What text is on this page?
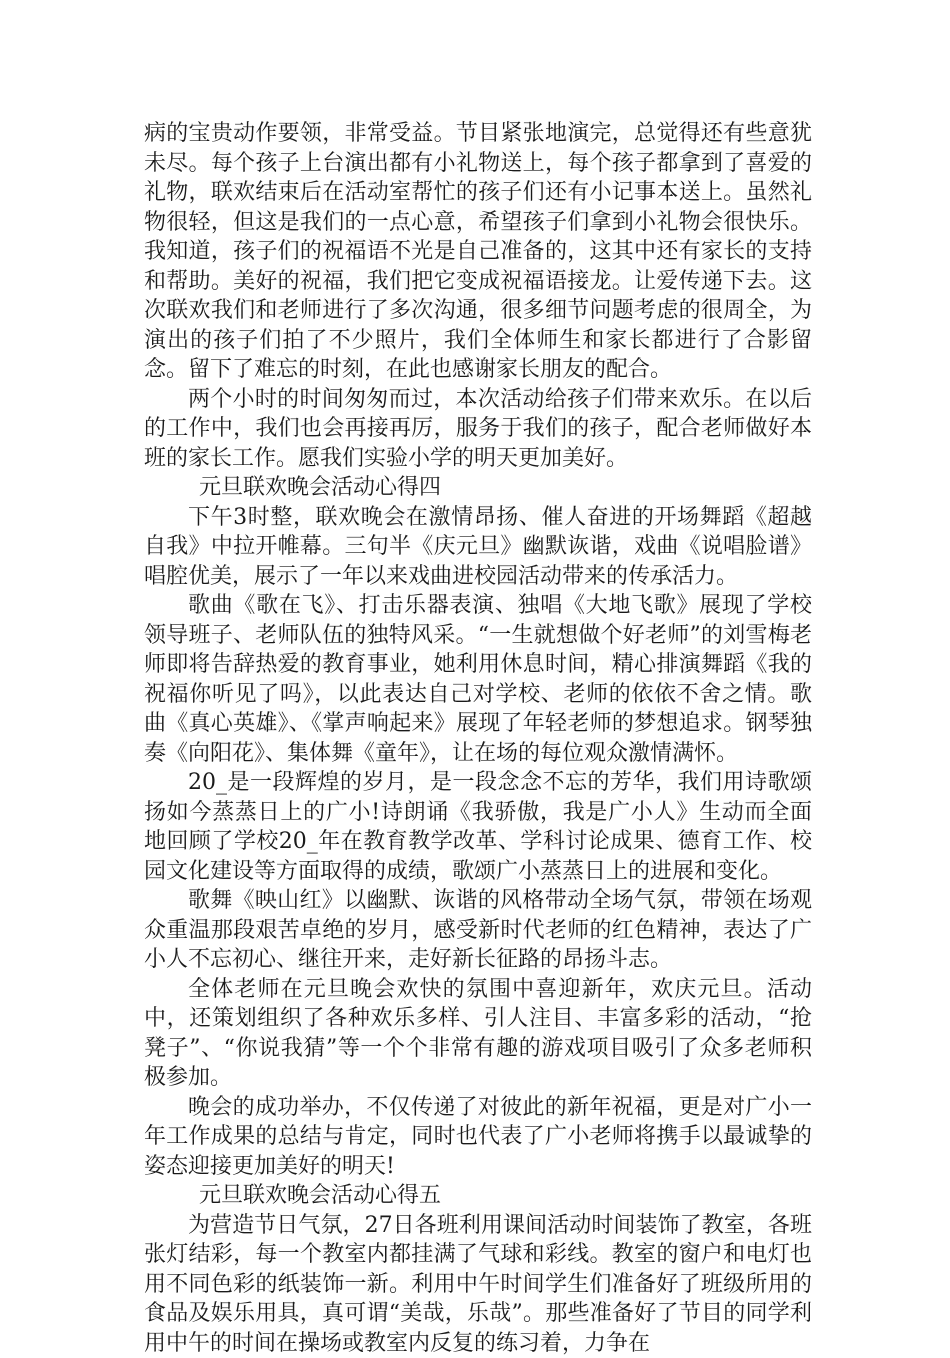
病的宝贵动作要领，非常受益。节目紧张地演完，总觉得还有些意犹未尽。每个孩子上台演出都有小礼物送上，每个孩子都拿到了喜爱的礼物，联欢结束后在活动室帮忙的孩子们还有小记事本送上。虽然礼物很轻，但这是我们的一点心意，希望孩子们拿到小礼物会很快乐。我知道，孩子们的祝福语不光是自己准备的，这其中还有家长的支持和帮助。美好的祝福，我们把它变成祝福语接龙。让爱传递下去。这次联欢我们和老师进行了多次沟通，很多细节问题考虑的很周全，为演出的孩子们拍了不少照片，我们全体师生和家长都进行了合影留念。留下了难忘的时刻，在此也感谢家长朋友的配合。

两个小时的时间匆匆而过，本次活动给孩子们带来欢乐。在以后的工作中，我们也会再接再厉，服务于我们的孩子，配合老师做好本班的家长工作。愿我们实验小学的明天更加美好。

元旦联欢晚会活动心得四

下午3时整，联欢晚会在激情昂扬、催人奋进的开场舞蹈《超越自我》中拉开帷幕。三句半《庆元旦》幽默诙谐，戏曲《说唱脸谱》唱腔优美，展示了一年以来戏曲进校园活动带来的传承活力。

歌曲《歌在飞》、打击乐器表演、独唱《大地飞歌》展现了学校领导班子、老师队伍的独特风采。“一生就想做个好老师”的刘雪梅老师即将告辞热爱的教育事业，她利用休息时间，精心排演舞蹈《我的祝福你听见了吗》，以此表达自己对学校、老师的依依不舍之情。歌曲《真心英雄》、《掌声响起来》展现了年轻老师的梦想追求。钢琴独奏《向阳花》、集体舞《童年》，让在场的每位观众激情满怀。

20_是一段辉煌的岁月，是一段念念不忘的芳华，我们用诗歌颂扬如今蒸蒸日上的广小!诗朗诵《我骄傲，我是广小人》生动而全面地回顾了学校20_年在教育教学改革、学科讨论成果、德育工作、校园文化建设等方面取得的成绩，歌颂广小蒸蒸日上的进展和变化。

歌舞《映山红》以幽默、诙谐的风格带动全场气氛，带领在场观众重温那段艰苦卓绝的岁月，感受新时代老师的红色精神，表达了广小人不忘初心、继往开来，走好新长征路的昂扬斗志。

全体老师在元旦晚会欢快的氛围中喜迎新年，欢庆元旦。活动中，还策划组织了各种欢乐多样、引人注目、丰富多彩的活动，“抢凳子”、“你说我猜”等一个个非常有趣的游戏项目吸引了众多老师积极参加。

晚会的成功举办，不仅传递了对彼此的新年祝福，更是对广小一年工作成果的总结与肯定，同时也代表了广小老师将携手以最诚挚的姿态迎接更加美好的明天!

元旦联欢晚会活动心得五

为营造节日气氛，27日各班利用课间活动时间装饰了教室，各班张灯结彩，每一个教室内都挂满了气球和彩线。教室的窗户和电灯也用不同色彩的纸装饰一新。利用中午时间学生们准备好了班级所用的食品及娱乐用具，真可谓“美哉，乐哉”。那些准备好了节目的同学利用中午的时间在操场或教室内反复的练习着，力争在
